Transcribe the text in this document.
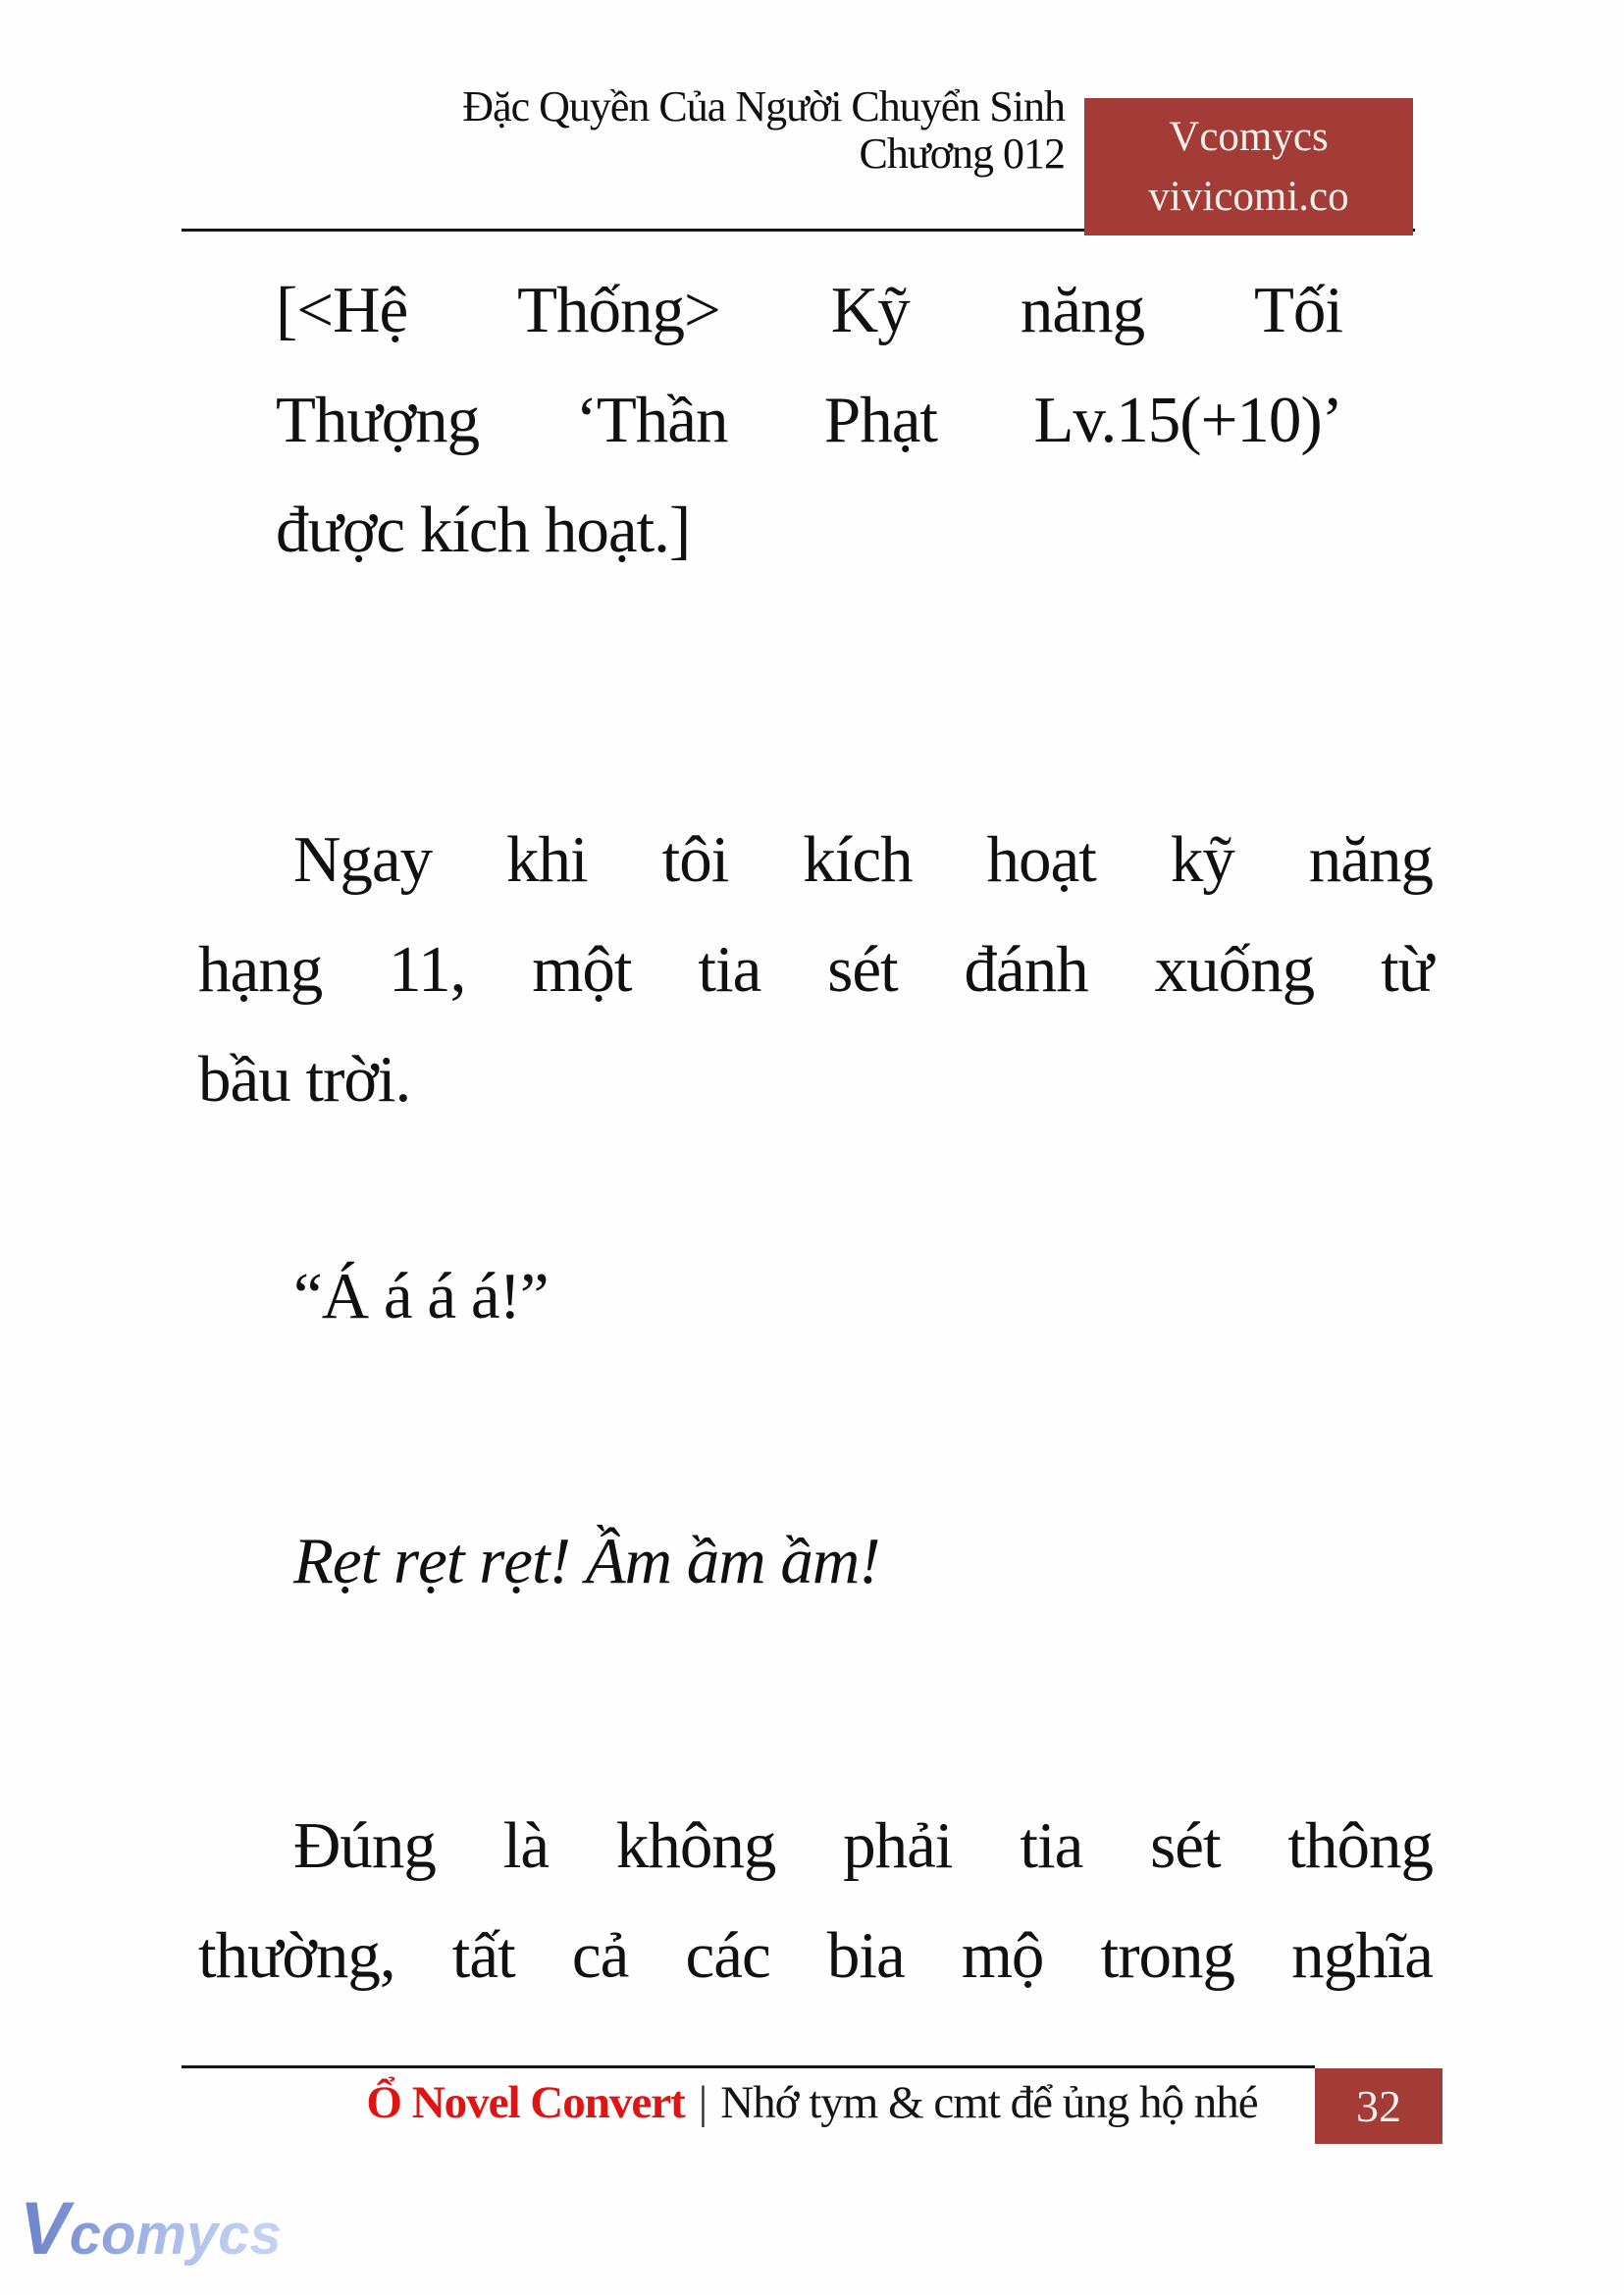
Đặc Quyền Của Người Chuyển Sinh
Chương 012 Vcomycs
vivicomi.co
[<Hệ Thống> Kỹ năng Tối
Thượng ‘Thần Phạt Lv.15(+10)’
được kích hoạt.]
Ngay khi tôi kích hoạt kỹ năng
hạng 11, một tia sét đánh xuống từ
bầu trời.
“Á á á á!”
Rẹt rẹt rẹt! Ầm ầm ầm!
Đúng là không phải tia sét thông
thường, tất cả các bia mộ trong nghĩa
Ổ Novel Convert | Nhớ tym & cmt để ủng hộ nhé	32
Vcomycs
